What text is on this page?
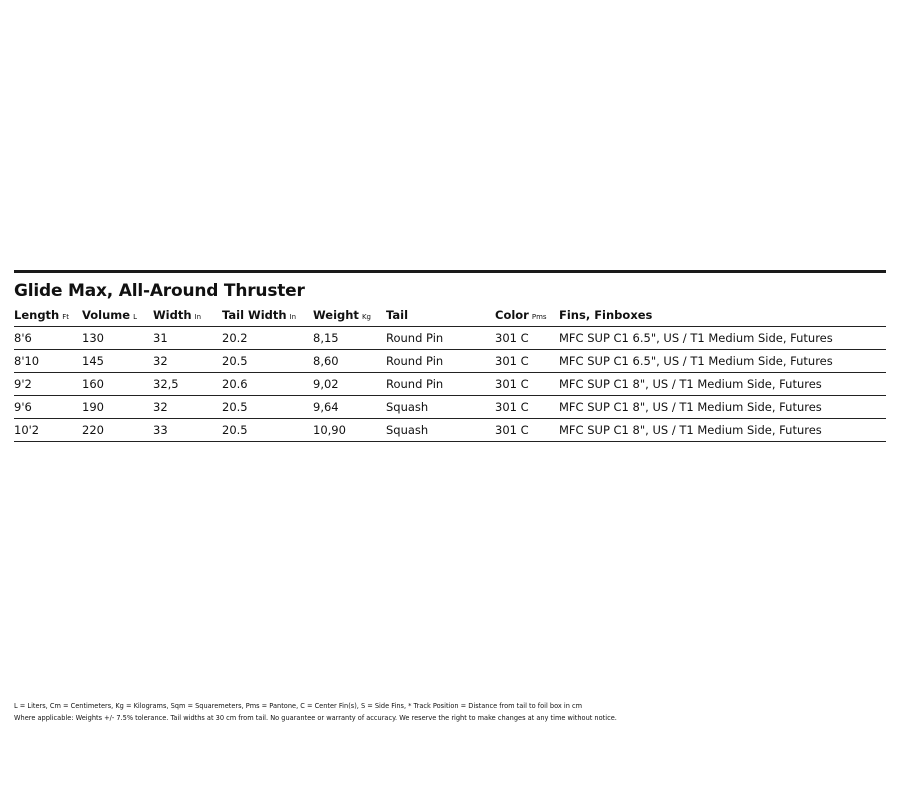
Glide Max, All-Around Thruster
Length Ft	Volume L	Width In	Tail Width In	Weight Kg	Tail	Color Pms	Fins, Finboxes
8'6	130	31	20.2	8,15	Round Pin	301 C	MFC SUP C1 6.5", US / T1 Medium Side, Futures
8'10	145	32	20.5	8,60	Round Pin	301 C	MFC SUP C1 6.5", US / T1 Medium Side, Futures
9'2	160	32,5	20.6	9,02	Round Pin	301 C	MFC SUP C1 8", US / T1 Medium Side, Futures
9'6	190	32	20.5	9,64	Squash	301 C	MFC SUP C1 8", US / T1 Medium Side, Futures
10'2	220	33	20.5	10,90	Squash	301 C	MFC SUP C1 8", US / T1 Medium Side, Futures
L = Liters, Cm = Centimeters, Kg = Kilograms, Sqm = Squaremeters, Pms = Pantone, C = Center Fin(s), S = Side Fins, * Track Position = Distance from tail to foil box in cm
Where applicable: Weights +/- 7.5% tolerance. Tail widths at 30 cm from tail. No guarantee or warranty of accuracy. We reserve the right to make changes at any time without notice.
